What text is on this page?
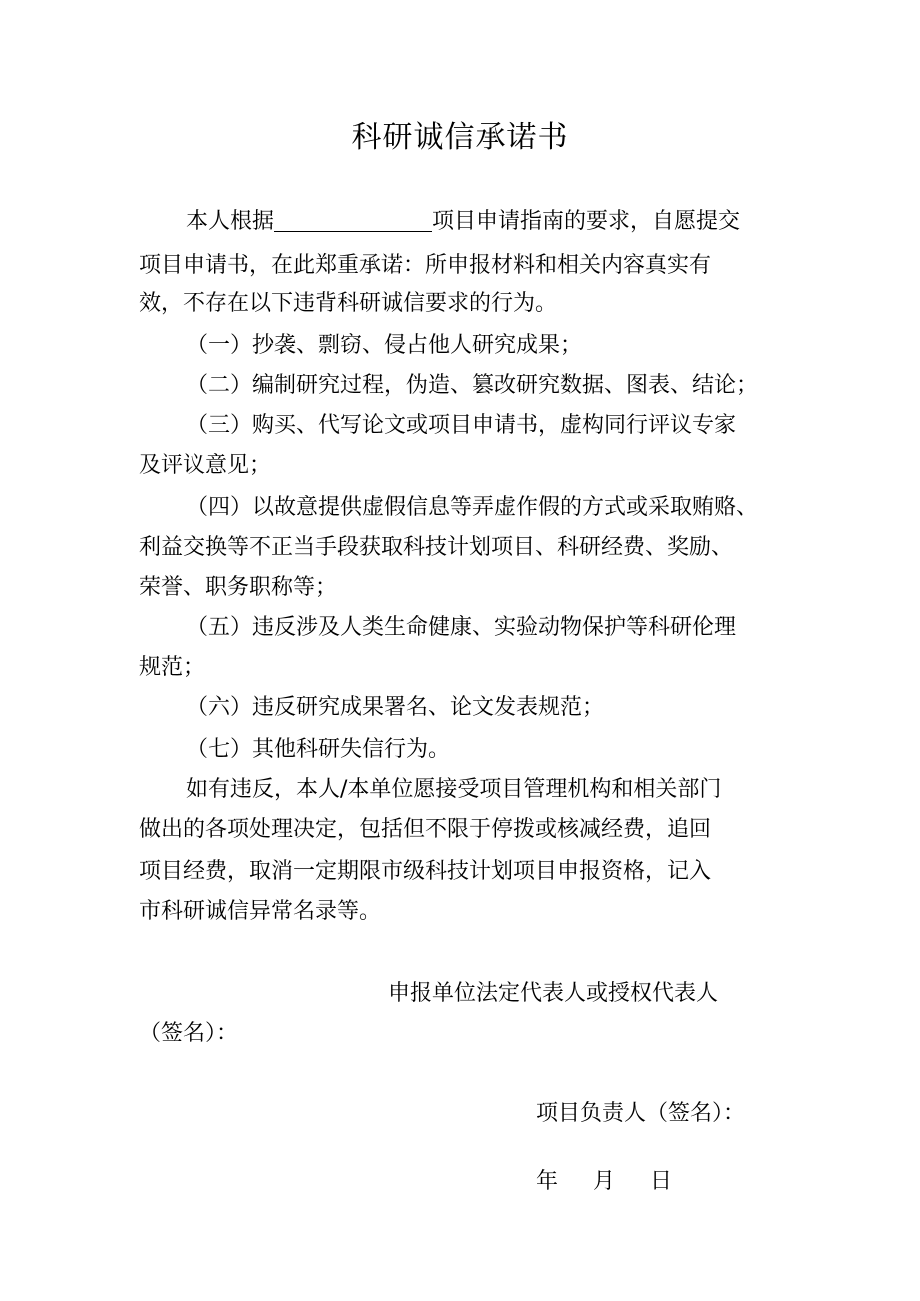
科研诚信承诺书
本人根据	项目申请指南的要求，自愿提交
项目申请书，在此郑重承诺：所申报材料和相关内容真实有
效，不存在以下违背科研诚信要求的行为。
（一）抄袭、剽窃、侵占他人研究成果；
（二）编制研究过程，伪造、篡改研究数据、图表、结论；
（三）购买、代写论文或项目申请书，虚构同行评议专家
及评议意见；
（四）以故意提供虚假信息等弄虚作假的方式或采取贿赂、
利益交换等不正当手段获取科技计划项目、科研经费、奖励、
荣誉、职务职称等；
（五）违反涉及人类生命健康、实验动物保护等科研伦理
规范；
（六）违反研究成果署名、论文发表规范；
（七）其他科研失信行为。
如有违反，本人/本单位愿接受项目管理机构和相关部门
做出的各项处理决定，包括但不限于停拨或核减经费，追回
项目经费，取消一定期限市级科技计划项目申报资格，记入
市科研诚信异常名录等。
申报单位法定代表人或授权代表人
（签名）：
项目负责人（签名）：
年　 月　 日
